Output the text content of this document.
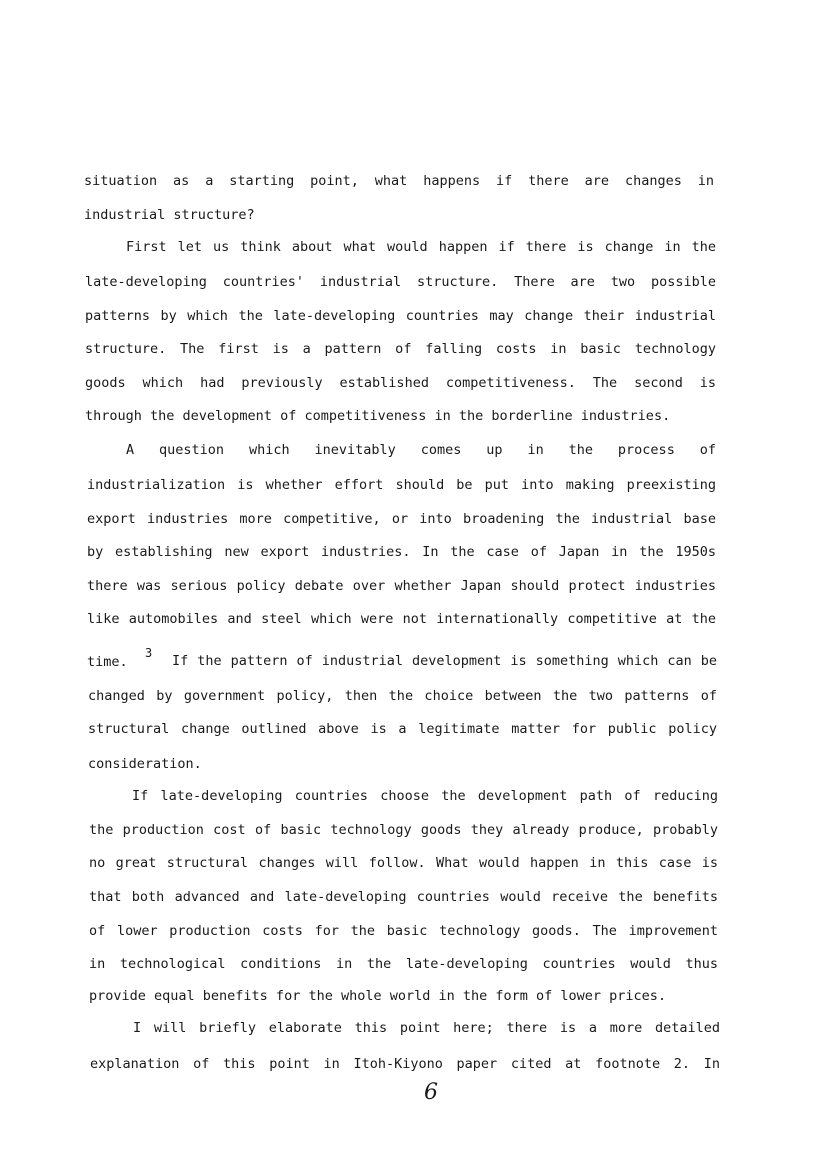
situation as a starting point, what happens if there are changes in
industrial structure?
First let us think about what would happen if there is change in the
late-developing countries' industrial structure. There are two possible
patterns by which the late-developing countries may change their industrial
structure. The first is a pattern of falling costs in basic technology
goods which had previously established competitiveness. The second is
through the development of competitiveness in the borderline industries.
A question which inevitably comes up in the process of
industrialization is whether effort should be put into making preexisting
export industries more competitive, or into broadening the industrial base
by establishing new export industries. In the case of Japan in the 1950s
there was serious policy debate over whether Japan should protect industries
like automobiles and steel which were not internationally competitive at the
time.
3 If the pattern of industrial development is something which can be
changed by government policy, then the choice between the two patterns of
structural change outlined above is a legitimate matter for public policy
consideration.
If late-developing countries choose the development path of reducing
the production cost of basic technology goods they already produce, probably
no great structural changes will follow. What would happen in this case is
that both advanced and late-developing countries would receive the benefits
of lower production costs for the basic technology goods. The improvement
in technological conditions in the late-developing countries would thus
provide equal benefits for the whole world in the form of lower prices.
I will briefly elaborate this point here; there is a more detailed
explanation of this point in Itoh-Kiyono paper cited at footnote 2. In
6
